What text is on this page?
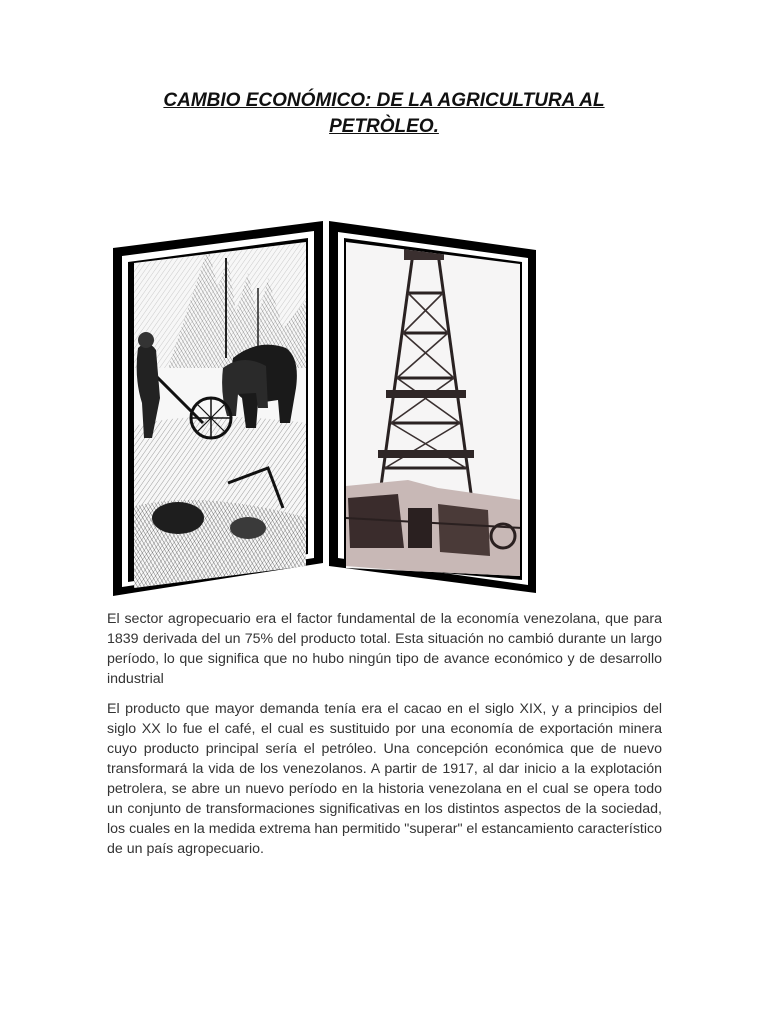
CAMBIO ECONÓMICO: DE LA AGRICULTURA AL
PETRÒLEO.

El sector agropecuario era el factor fundamental de la economía venezolana, que para 1839 derivada del un 75% del producto total. Esta situación no cambió durante un largo período, lo que significa que no hubo ningún tipo de avance económico y de desarrollo industrial

El producto que mayor demanda tenía era el cacao en el siglo XIX, y a principios del siglo XX lo fue el café, el cual es sustituido por una economía de exportación minera cuyo producto principal sería el petróleo. Una concepción económica que de nuevo transformará la vida de los venezolanos. A partir de 1917, al dar inicio a la explotación petrolera, se abre un nuevo período en la historia venezolana en el cual se opera todo un conjunto de transformaciones significativas en los distintos aspectos de la sociedad, los cuales en la medida extrema han permitido "superar" el estancamiento característico de un país agropecuario.
